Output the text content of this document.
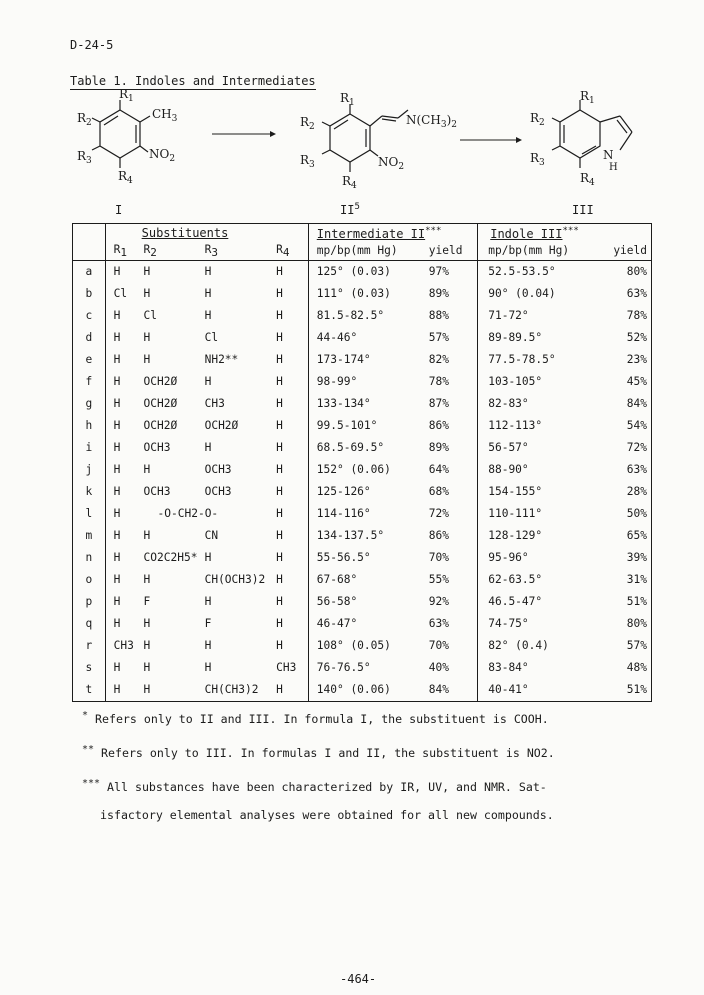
D-24-5
Table 1. Indoles and Intermediates
$R_1$
$R_2$
$R_3$
$R_4$
$CH_3$
$NO_2$
I
$R_1$
$R_2$
$R_3$
$R_4$
$N(CH_3)_2$
$NO_2$
$II^5$
$R_1$
$R_2$
$R_3$
$R_4$
N
H
III
	Substituents				Intermediate II***		Indole III***
	$R_1$	$R_2$	$R_3$	$R_4$	mp/bp(mm Hg)	yield	mp/bp(mm Hg)	yield
a	H	H	H	H	125° (0.03)	97%	52.5-53.5°	80%
b	Cl	H	H	H	111° (0.03)	89%	90° (0.04)	63%
c	H	Cl	H	H	81.5-82.5°	88%	71-72°	78%
d	H	H	Cl	H	44-46°	57%	89-89.5°	52%
e	H	H	NH2**	H	173-174°	82%	77.5-78.5°	23%
f	H	OCH2Ø	H	H	98-99°	78%	103-105°	45%
g	H	OCH2Ø	CH3	H	133-134°	87%	82-83°	84%
h	H	OCH2Ø	OCH2Ø	H	99.5-101°	86%	112-113°	54%
i	H	OCH3	H	H	68.5-69.5°	89%	56-57°	72%
j	H	H	OCH3	H	152° (0.06)	64%	88-90°	63%
k	H	OCH3	OCH3	H	125-126°	68%	154-155°	28%
l	H	-O-CH2-O-		H	114-116°	72%	110-111°	50%
m	H	H	CN	H	134-137.5°	86%	128-129°	65%
n	H	CO2C2H5*	H	H	55-56.5°	70%	95-96°	39%
o	H	H	CH(OCH3)2	H	67-68°	55%	62-63.5°	31%
p	H	F	H	H	56-58°	92%	46.5-47°	51%
q	H	H	F	H	46-47°	63%	74-75°	80%
r	CH3	H	H	H	108° (0.05)	70%	82° (0.4)	57%
s	H	H	H	CH3	76-76.5°	40%	83-84°	48%
t	H	H	CH(CH3)2	H	140° (0.06)	84%	40-41°	51%
* Refers only to II and III. In formula I, the substituent is COOH.
** Refers only to III. In formulas I and II, the substituent is NO2.
*** All substances have been characterized by IR, UV, and NMR. Sat-
isfactory elemental analyses were obtained for all new compounds.
-464-
